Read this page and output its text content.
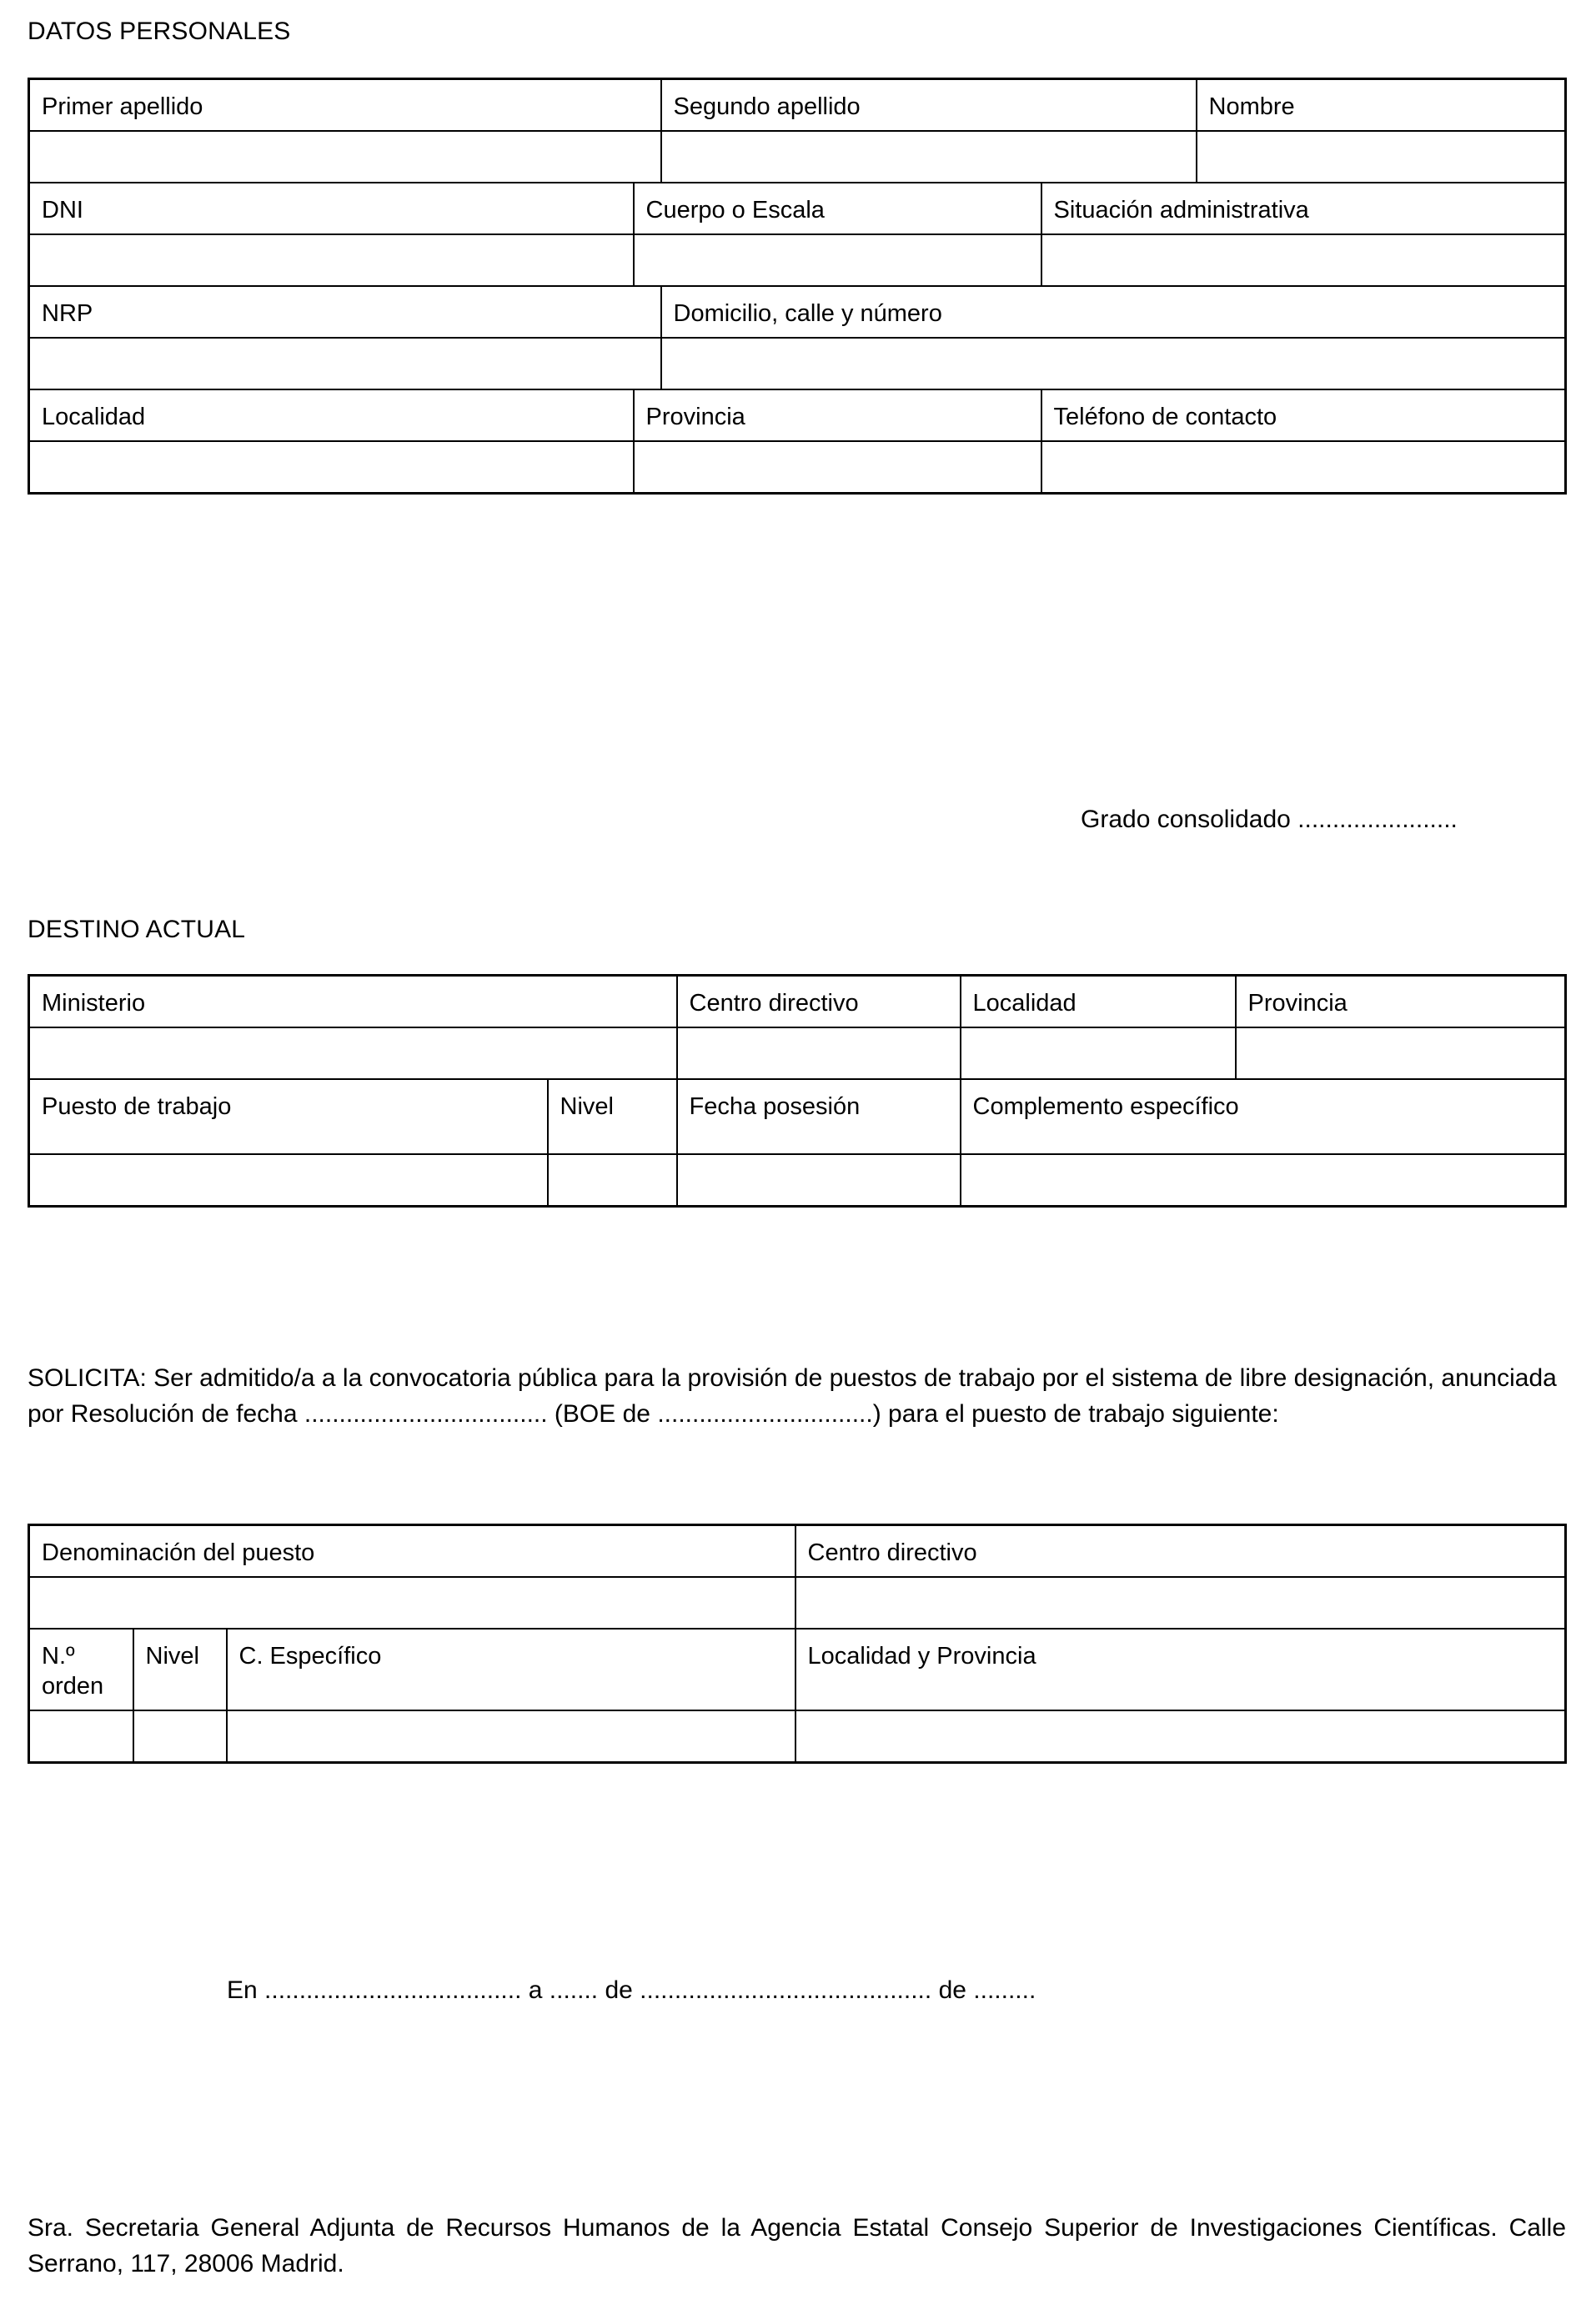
DATOS PERSONALES
Primer apellido		Segundo apellido		Nombre

DNI	Cuerpo o Escala		Situación administrativa	

NRP		Domicilio, calle y número		

Localidad	Provincia		Teléfono de contacto	

Grado consolidado .......................
DESTINO ACTUAL
Ministerio		Centro directivo	Localidad	Provincia

Puesto de trabajo	Nivel	Fecha posesión	Complemento específico	

SOLICITA: Ser admitido/a a la convocatoria pública para la provisión de puestos de trabajo por el sistema de libre designación, anunciada por Resolución de fecha ................................... (BOE de ...............................) para el puesto de trabajo siguiente:
Denominación del puesto			Centro directivo

N.º orden	Nivel	C. Específico	Localidad y Provincia

En ..................................... a ....... de .......................................... de .........
Sra. Secretaria General Adjunta de Recursos Humanos de la Agencia Estatal Consejo Superior de Investigaciones Científicas. Calle Serrano, 117, 28006 Madrid.
